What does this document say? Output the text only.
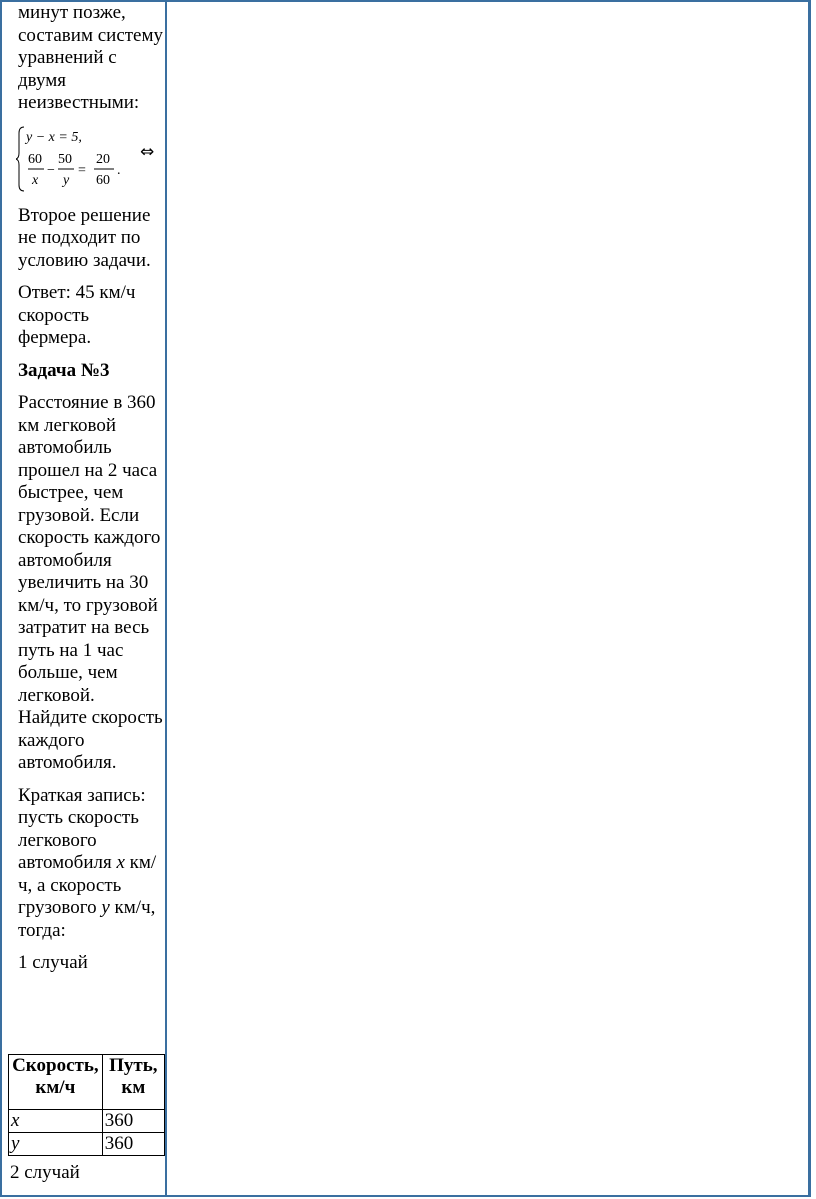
минут позже, составим систему уравнений с двумя неизвестными:

− = .
y − x = 5,
60
x
50
y
20
60
⇔

Второе решение не подходит по условию задачи.

Ответ: 45 км/ч скорость фермера.

Задача №3

Расстояние в 360 км легковой автомобиль прошел на 2 часа быстрее, чем грузовой. Если скорость каждого автомобиля увеличить на 30 км/ч, то грузовой затратит на весь путь на 1 час больше, чем легковой. Найдите скорость каждого автомобиля.

Краткая запись: пусть скорость легкового автомобиля x км/ч, а скорость грузового y км/ч, тогда:

1 случай

Скорость, км/ч	Путь, км
x	360
y	360
2 случай
